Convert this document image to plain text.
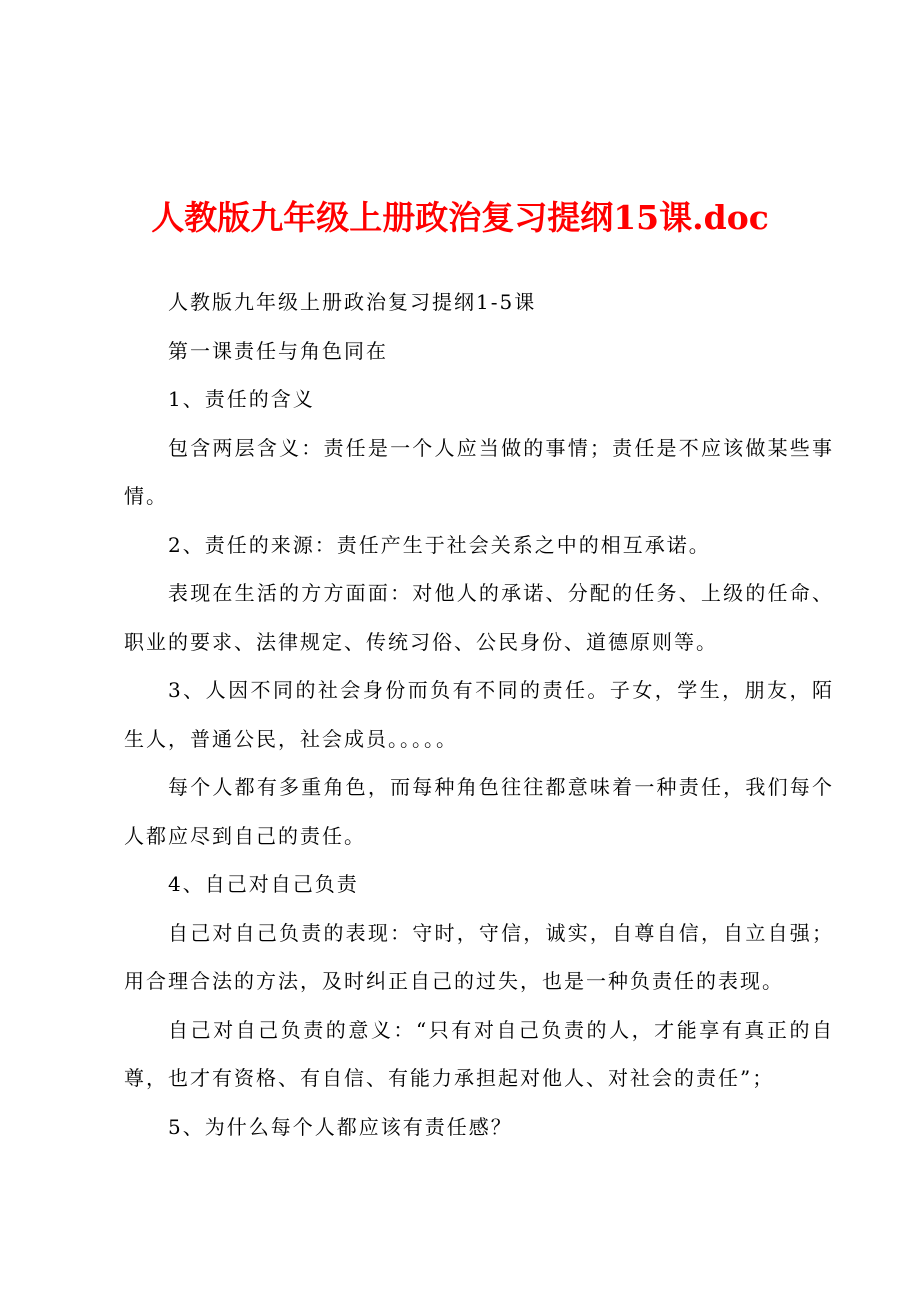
人教版九年级上册政治复习提纲15课.doc

人教版九年级上册政治复习提纲1-5课

第一课责任与角色同在

1、责任的含义

包含两层含义：责任是一个人应当做的事情；责任是不应该做某些事情。

2、责任的来源：责任产生于社会关系之中的相互承诺。

表现在生活的方方面面：对他人的承诺、分配的任务、上级的任命、职业的要求、法律规定、传统习俗、公民身份、道德原则等。

3、人因不同的社会身份而负有不同的责任。子女，学生，朋友，陌生人，普通公民，社会成员。。。。。

每个人都有多重角色，而每种角色往往都意味着一种责任，我们每个人都应尽到自己的责任。

4、自己对自己负责

自己对自己负责的表现：守时，守信，诚实，自尊自信，自立自强；用合理合法的方法，及时纠正自己的过失，也是一种负责任的表现。

自己对自己负责的意义：“只有对自己负责的人，才能享有真正的自尊，也才有资格、有自信、有能力承担起对他人、对社会的责任”；

5、为什么每个人都应该有责任感？
